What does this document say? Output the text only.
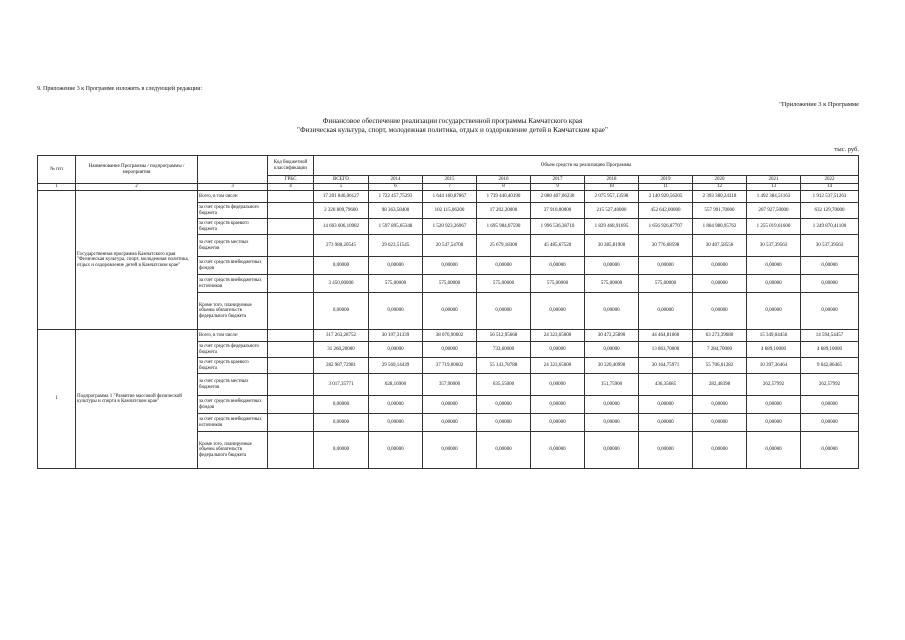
9. Приложение 3 к Программе изложить в следующей редакции:
"Приложение 3 к Программе
Финансовое обеспечение реализации государственной программы Камчатского края
"Физическая культура, спорт, молодежная политика, отдых и оздоровление детей в Камчатском крае"
тыс. руб.
№ п/п	Наименование Программы / подпрограммы / мероприятия		Код бюджетной классификации	Объем средств на реализацию Программы									
			ГРБС	ВСЕГО	2014	2015	2016	2017	2018	2019	2020	2021	2022
1	2	3	4	5	6	7	8	9	10	11	12	13	14
	Государственная программа Камчатского края "Физическая культура, спорт, молодежная политика, отдых и оздоровление детей в Камчатском крае"	Всего, в том числе:		17 201 846,06127	1 722 457,75293	1 644 160,87867	1 739 440,40190	2 080 407,06230	2 075 957,13598	2 140 920,56205	2 393 380,24318	1 492 384,51163	1 912 537,51263
		за счет средств федерального бюджета		2 320 809,79600	98 363,58400	102 115,06200	17 202,20000	37 910,00000	215 527,40000	452 642,00000	557 991,70000	207 927,50000	632 129,70000
		за счет средств краевого бюджета		14 603 606,10982	1 597 895,65348	1 520 923,26967	1 695 984,07590	1 996 536,38710	1 829 468,91695	1 656 926,87707	1 804 980,95762	1 255 019,61600	1 249 870,41100
		за счет средств местных бюджетов		273 980,20545	29 623,51545	20 547,54700	25 679,18300	45 485,67520	30 385,81900	30 776,08598	30 407,58556	30 537,39563	30 537,39563
		за счет средств внебюджетных фондов		0,00000	0,00000	0,00000	0,00000	0,00000	0,00000	0,00000	0,00000	0,00000	0,00000
		за счет средств внебюджетных источников		3 450,00000	575,00000	575,00000	575,00000	575,00000	575,00000	575,00000	0,00000	0,00000	0,00000
		Кроме того, планируемые объемы обязательств федерального бюджета		0,00000	0,00000	0,00000	0,00000	0,00000	0,00000	0,00000	0,00000	0,00000	0,00000
1	Подпрограмма 1 "Развитие массовой физической культуры и спорта в Камчатском крае"	Всего, в том числе:		317 263,28752	30 197,31339	38 076,90602	56 512,95668	24 323,65000	30 472,25890	44 464,81660	63 273,39680	15 349,04456	14 594,54457
		за счет средств федерального бюджета		31 260,20000	0,00000	0,00000	733,60000	0,00000	0,00000	13 863,70000	7 284,70000	4 689,10000	4 689,10000
		за счет средств краевого бюджета		282 987,72981	29 569,14439	37 719,00602	55 143,78788	24 323,65000	30 320,40990	30 164,75971	55 706,61282	10 397,36464	9 642,86465
		за счет средств местных бюджетов		3 017,35771	628,16900	357,90000	635,55000	0,00000	151,75900	436,35685	282,48398	262,57992	262,57992
		за счет средств внебюджетных фондов		0,00000	0,00000	0,00000	0,00000	0,00000	0,00000	0,00000	0,00000	0,00000	0,00000
		за счет средств внебюджетных источников		0,00000	0,00000	0,00000	0,00000	0,00000	0,00000	0,00000	0,00000	0,00000	0,00000
		Кроме того, планируемые объемы обязательств федерального бюджета		0,00000	0,00000	0,00000	0,00000	0,00000	0,00000	0,00000	0,00000	0,00000	0,00000
